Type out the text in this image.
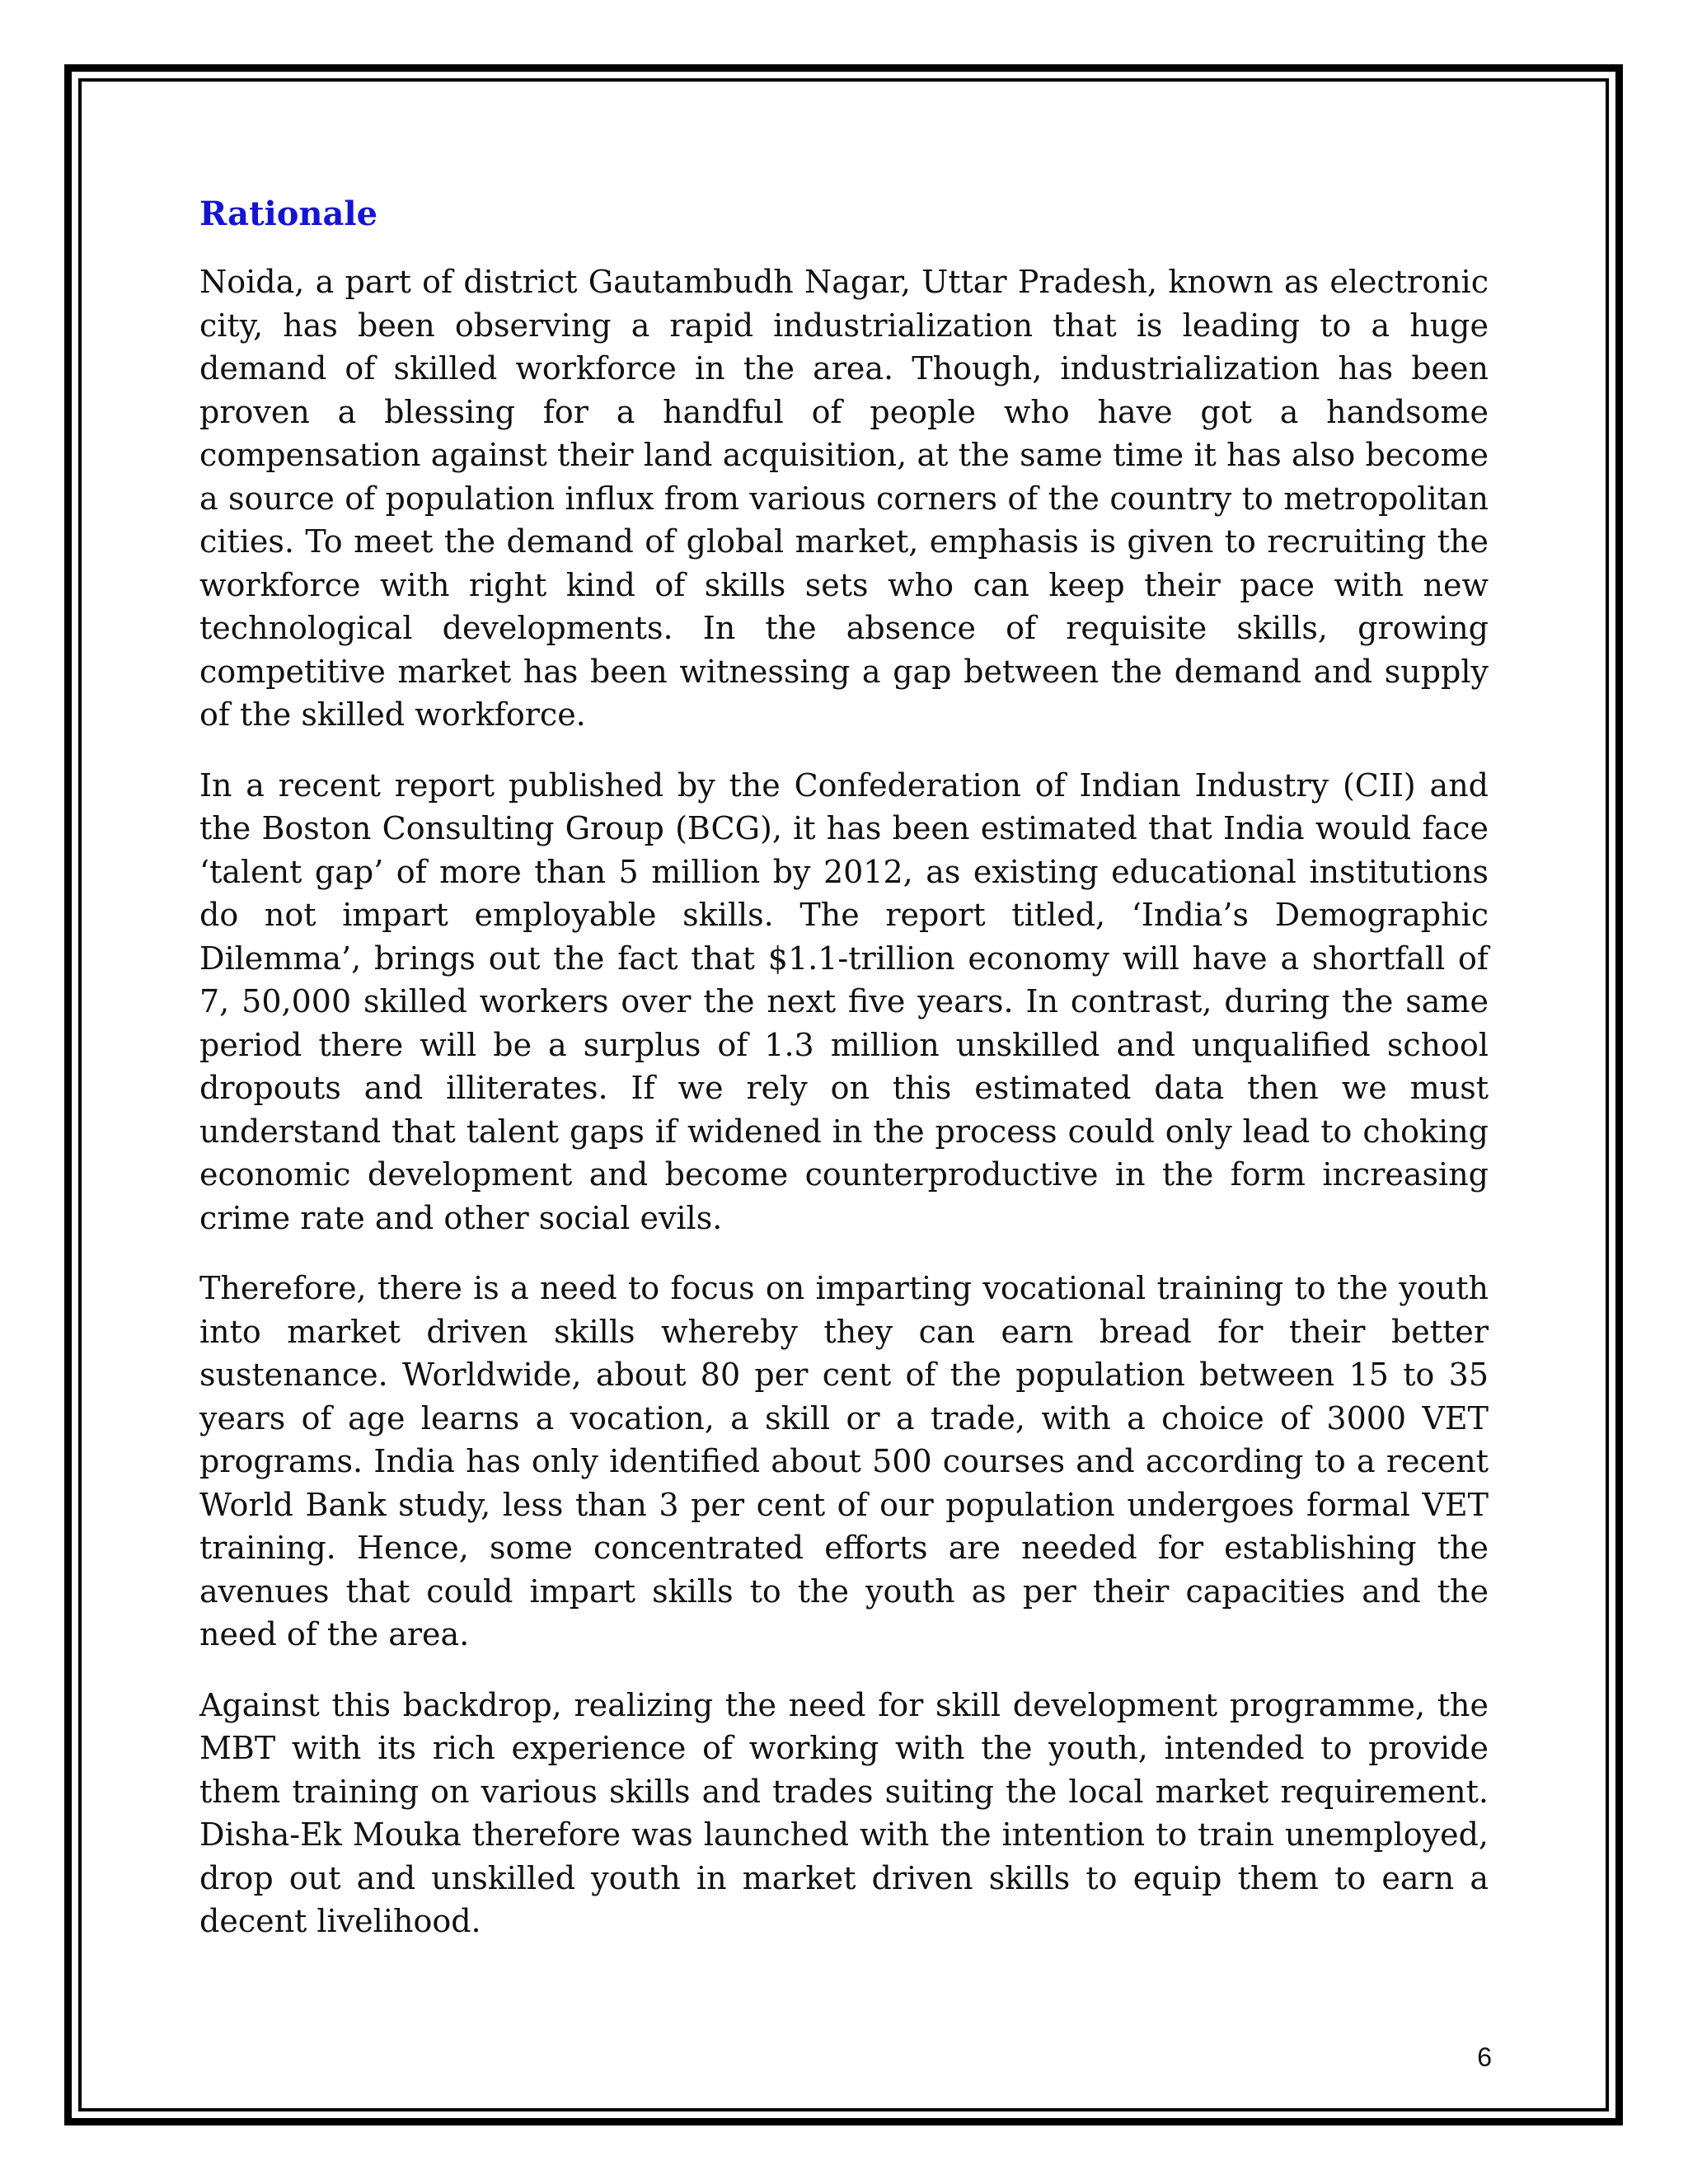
Rationale

Noida, a part of district Gautambudh Nagar, Uttar Pradesh, known as electronic city, has been observing a rapid industrialization that is leading to a huge demand of skilled workforce in the area. Though, industrialization has been proven a blessing for a handful of people who have got a handsome compensation against their land acquisition, at the same time it has also become a source of population influx from various corners of the country to metropolitan cities. To meet the demand of global market, emphasis is given to recruiting the workforce with right kind of skills sets who can keep their pace with new technological developments. In the absence of requisite skills, growing competitive market has been witnessing a gap between the demand and supply of the skilled workforce.

In a recent report published by the Confederation of Indian Industry (CII) and the Boston Consulting Group (BCG), it has been estimated that India would face ‘talent gap’ of more than 5 million by 2012, as existing educational institutions do not impart employable skills. The report titled, ‘India’s Demographic Dilemma’, brings out the fact that $1.1-trillion economy will have a shortfall of 7, 50,000 skilled workers over the next five years. In contrast, during the same period there will be a surplus of 1.3 million unskilled and unqualified school dropouts and illiterates. If we rely on this estimated data then we must understand that talent gaps if widened in the process could only lead to choking economic development and become counterproductive in the form increasing crime rate and other social evils.

Therefore, there is a need to focus on imparting vocational training to the youth into market driven skills whereby they can earn bread for their better sustenance. Worldwide, about 80 per cent of the population between 15 to 35 years of age learns a vocation, a skill or a trade, with a choice of 3000 VET programs. India has only identified about 500 courses and according to a recent World Bank study, less than 3 per cent of our population undergoes formal VET training. Hence, some concentrated efforts are needed for establishing the avenues that could impart skills to the youth as per their capacities and the need of the area.

Against this backdrop, realizing the need for skill development programme, the MBT with its rich experience of working with the youth, intended to provide them training on various skills and trades suiting the local market requirement. Disha-Ek Mouka therefore was launched with the intention to train unemployed, drop out and unskilled youth in market driven skills to equip them to earn a decent livelihood.

6
